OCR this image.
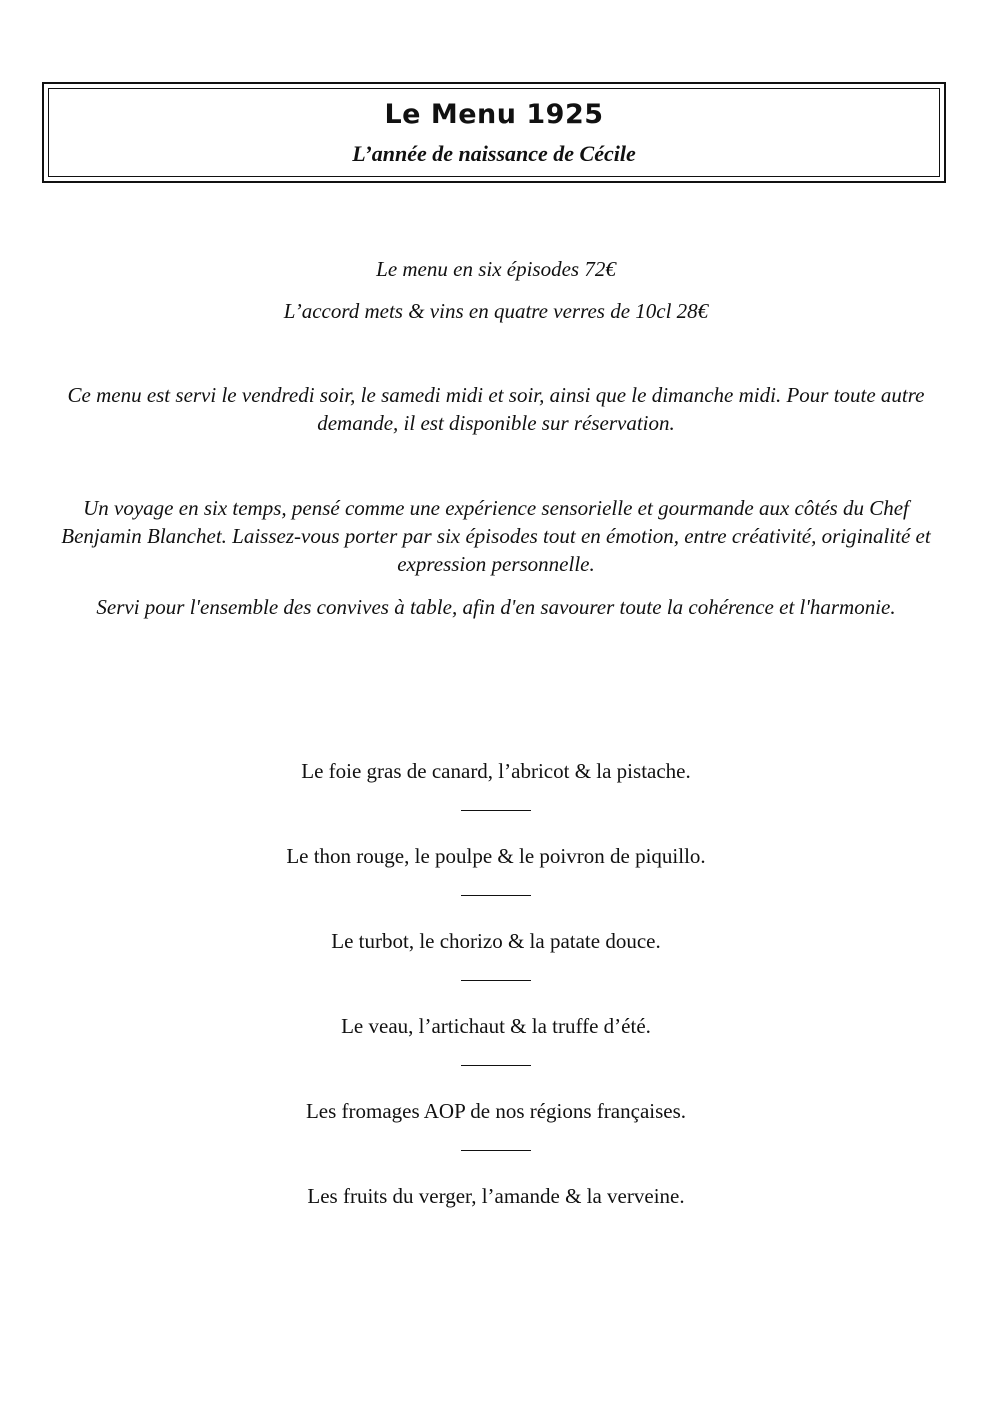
Le Menu 1925
L’année de naissance de Cécile

Le menu en six épisodes 72€

L’accord mets & vins en quatre verres de 10cl 28€

Ce menu est servi le vendredi soir, le samedi midi et soir, ainsi que le dimanche midi. Pour toute autre demande, il est disponible sur réservation.

Un voyage en six temps, pensé comme une expérience sensorielle et gourmande aux côtés du Chef Benjamin Blanchet. Laissez-vous porter par six épisodes tout en émotion, entre créativité, originalité et expression personnelle.

Servi pour l'ensemble des convives à table, afin d'en savourer toute la cohérence et l'harmonie.

Le foie gras de canard, l’abricot & la pistache.

Le thon rouge, le poulpe & le poivron de piquillo.

Le turbot, le chorizo & la patate douce.

Le veau, l’artichaut & la truffe d’été.

Les fromages AOP de nos régions françaises.

Les fruits du verger, l’amande & la verveine.
